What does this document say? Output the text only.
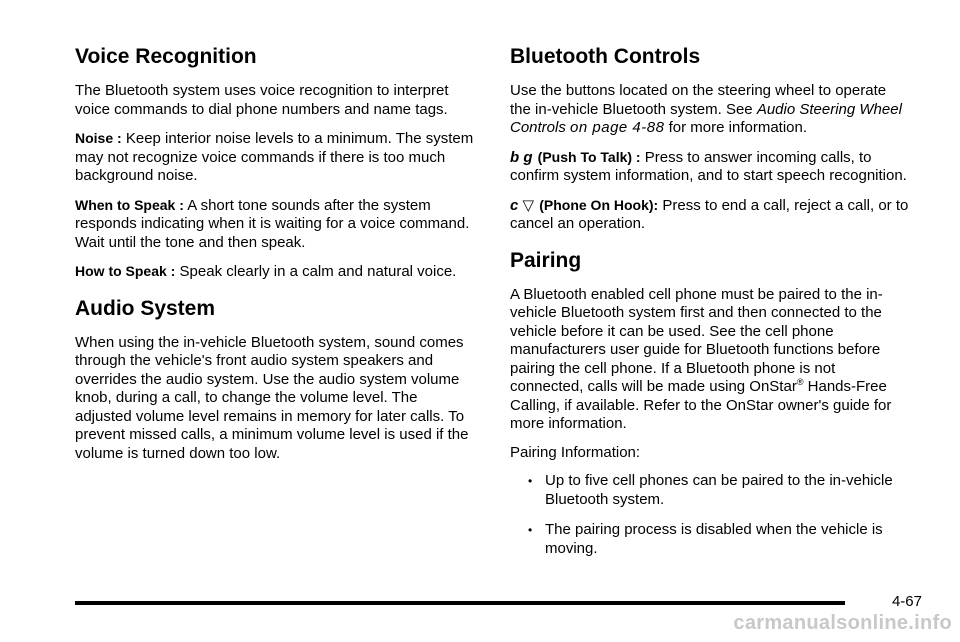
Voice Recognition

The Bluetooth system uses voice recognition to interpret voice commands to dial phone numbers and name tags.

Noise : Keep interior noise levels to a minimum. The system may not recognize voice commands if there is too much background noise.

When to Speak : A short tone sounds after the system responds indicating when it is waiting for a voice command. Wait until the tone and then speak.

How to Speak : Speak clearly in a calm and natural voice.

Audio System

When using the in-vehicle Bluetooth system, sound comes through the vehicle's front audio system speakers and overrides the audio system. Use the audio system volume knob, during a call, to change the volume level. The adjusted volume level remains in memory for later calls. To prevent missed calls, a minimum volume level is used if the volume is turned down too low.

Bluetooth Controls

Use the buttons located on the steering wheel to operate the in-vehicle Bluetooth system. See Audio Steering Wheel Controls on page 4-88 for more information.

b g (Push To Talk) : Press to answer incoming calls, to confirm system information, and to start speech recognition.

c ▽ (Phone On Hook): Press to end a call, reject a call, or to cancel an operation.

Pairing

A Bluetooth enabled cell phone must be paired to the in-vehicle Bluetooth system first and then connected to the vehicle before it can be used. See the cell phone manufacturers user guide for Bluetooth functions before pairing the cell phone. If a Bluetooth phone is not connected, calls will be made using OnStar® Hands-Free Calling, if available. Refer to the OnStar owner's guide for more information.

Pairing Information:

• Up to five cell phones can be paired to the in-vehicle Bluetooth system.
• The pairing process is disabled when the vehicle is moving.
4-67
carmanualsonline.info
